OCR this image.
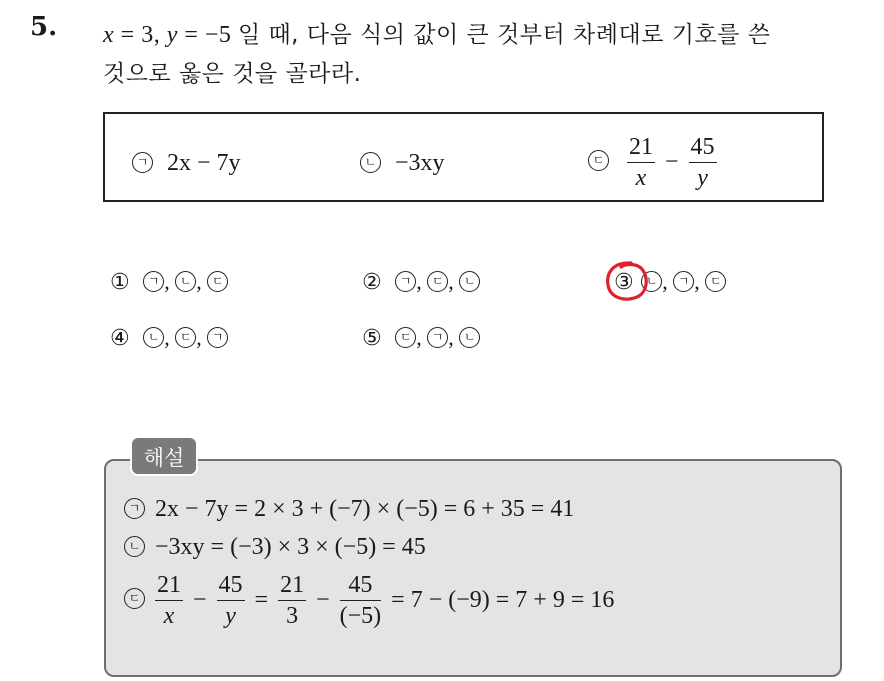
5. x = 3, y = −5 일 때, 다음 식의 값이 큰 것부터 차례대로 기호를 쓴
것으로 옳은 것을 골라라.
ㄱ 2x − 7y	ㄴ −3xy	ㄷ $\frac{21}{x} - \frac{45}{y}$
① ㄱ , ㄴ , ㄷ	② ㄱ , ㄷ , ㄴ	③ ㄴ , ㄱ , ㄷ
④ ㄴ , ㄷ , ㄱ	⑤ ㄷ , ㄱ , ㄴ
해설
ㄱ 2x − 7y = 2 × 3 + (−7) × (−5) = 6 + 35 = 41
ㄴ −3xy = (−3) × 3 × (−5) = 45
ㄷ $\frac{21}{x} - \frac{45}{y} = \frac{21}{3} - \frac{45}{(-5)} = 7 - (-9) = 7 + 9 = 16$
